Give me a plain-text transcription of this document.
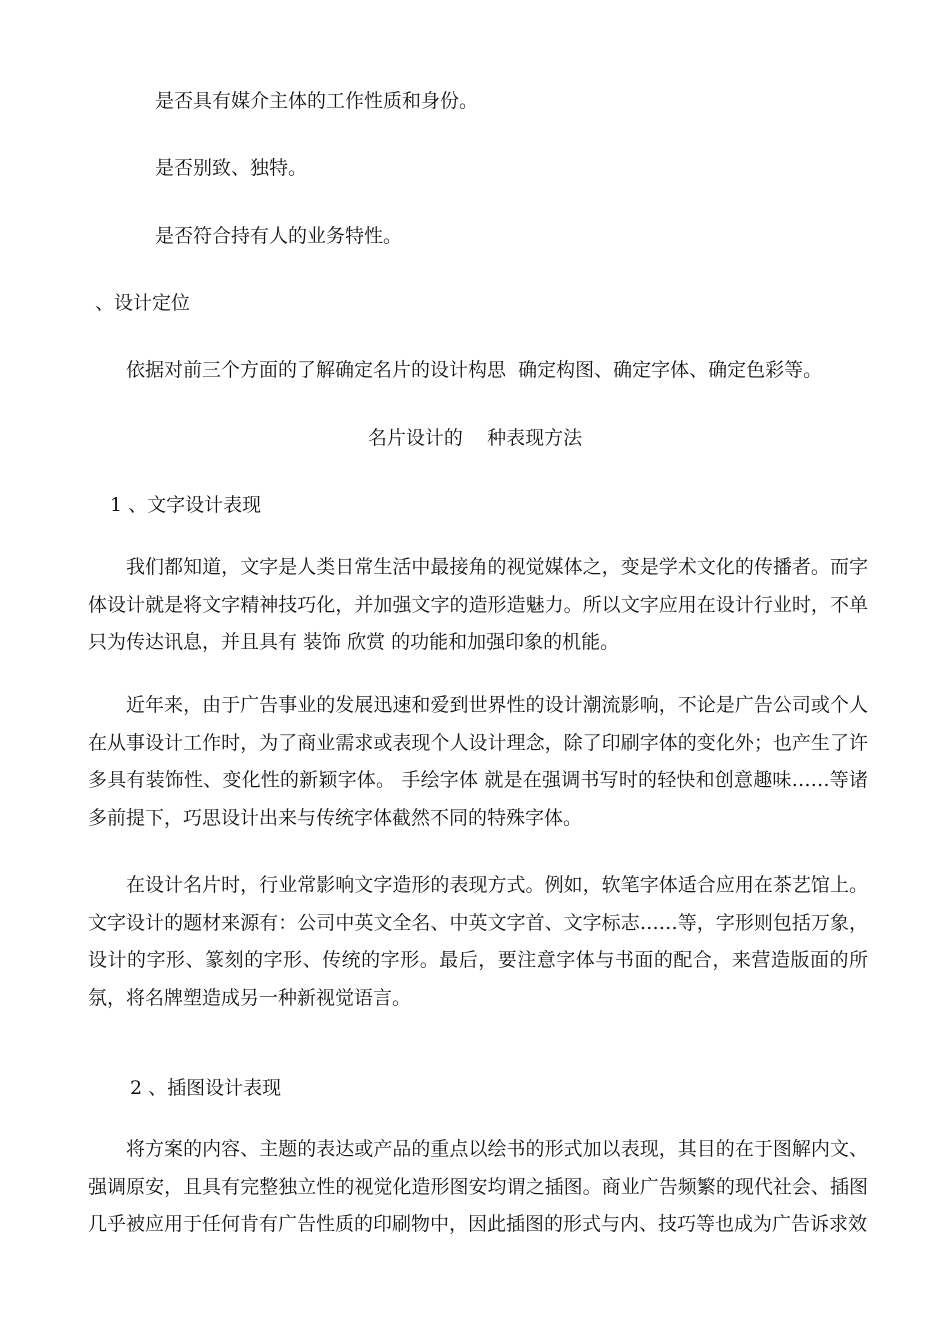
是否具有媒介主体的工作性质和身份。
是否别致、独特。
是否符合持有人的业务特性。
、设计定位
依据对前三个方面的了解确定名片的设计构思  确定构图、确定字体、确定色彩等。
名片设计的    种表现方法
1 、文字设计表现
我们都知道，文字是人类日常生活中最接角的视觉媒体之，变是学术文化的传播者。而字体设计就是将文字精神技巧化，并加强文字的造形造魅力。所以文字应用在设计行业时，不单只为传达讯息，并且具有 装饰 欣赏 的功能和加强印象的机能。
近年来，由于广告事业的发展迅速和爱到世界性的设计潮流影响，不论是广告公司或个人在从事设计工作时，为了商业需求或表现个人设计理念，除了印刷字体的变化外；也产生了许多具有装饰性、变化性的新颖字体。 手绘字体 就是在强调书写时的轻快和创意趣味……等诸多前提下，巧思设计出来与传统字体截然不同的特殊字体。
在设计名片时，行业常影响文字造形的表现方式。例如，软笔字体适合应用在茶艺馆上。文字设计的题材来源有：公司中英文全名、中英文字首、文字标志……等，字形则包括万象，设计的字形、篆刻的字形、传统的字形。最后，要注意字体与书面的配合，来营造版面的所氛，将名牌塑造成另一种新视觉语言。
2 、插图设计表现
将方案的内容、主题的表达或产品的重点以绘书的形式加以表现，其目的在于图解内文、强调原安，且具有完整独立性的视觉化造形图安均谓之插图。商业广告频繁的现代社会、插图几乎被应用于任何肯有广告性质的印刷物中，因此插图的形式与内、技巧等也成为广告诉求效
